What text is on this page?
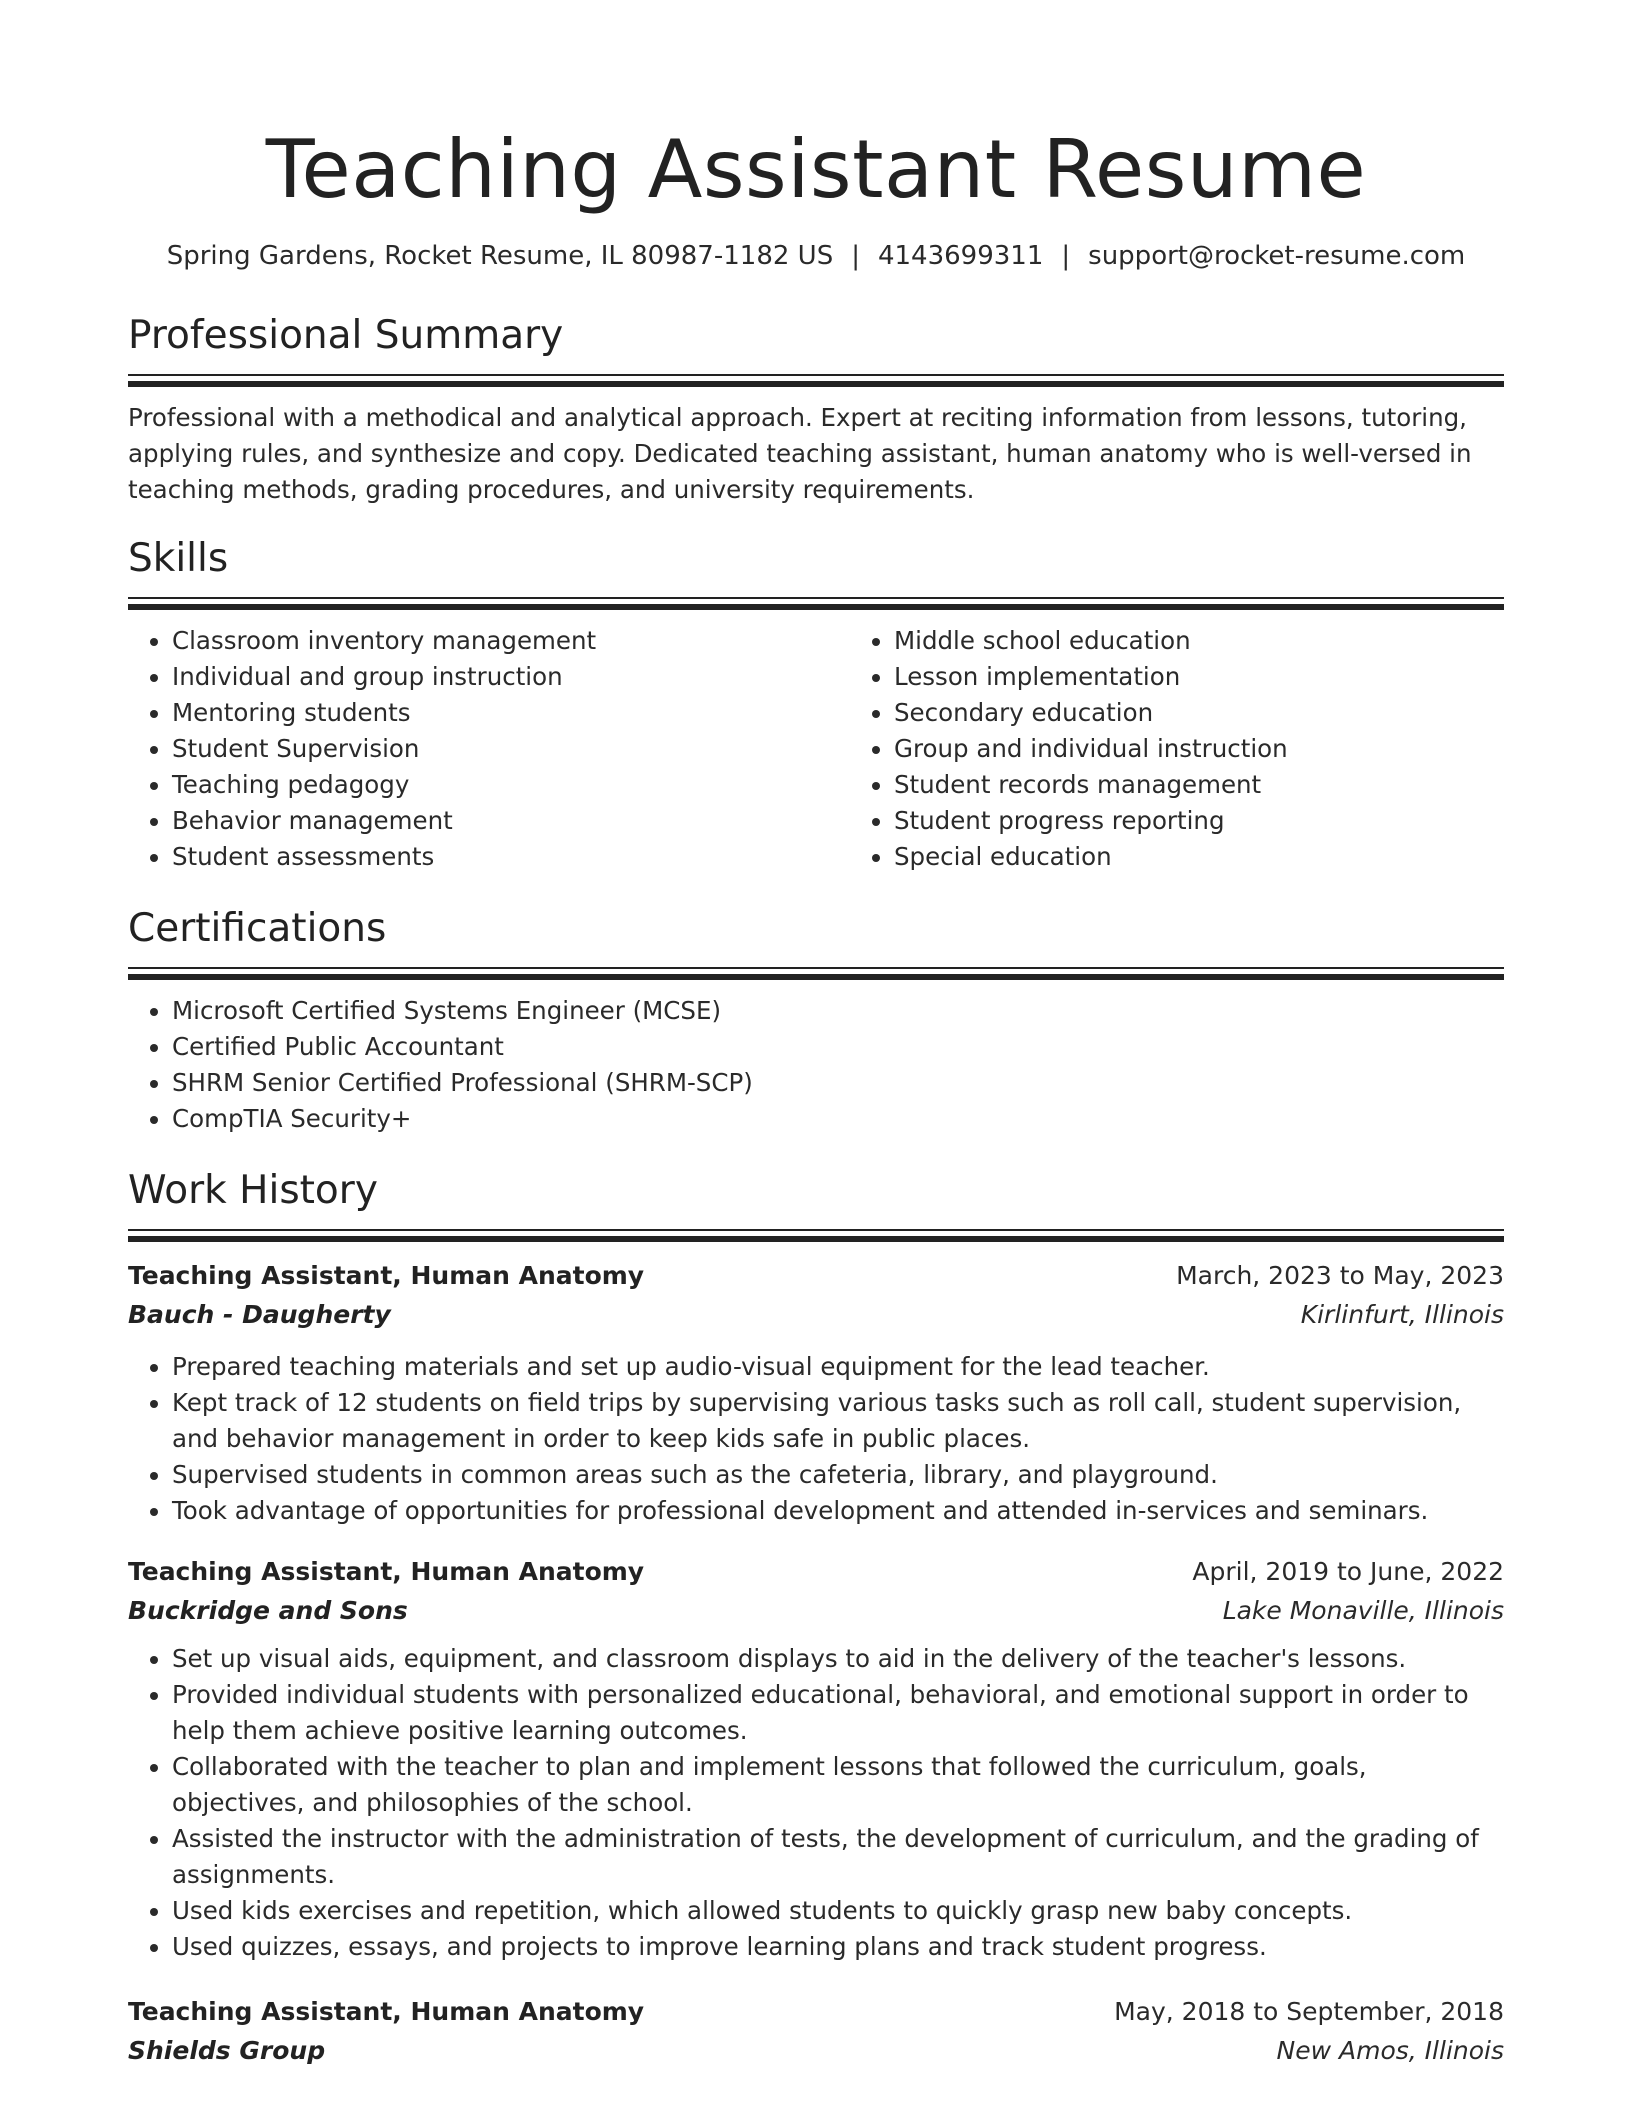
Teaching Assistant Resume
Spring Gardens, Rocket Resume, IL 80987-1182 US | 4143699311 | support@rocket-resume.com
Professional Summary

Professional with a methodical and analytical approach. Expert at reciting information from lessons, tutoring, applying rules, and synthesize and copy. Dedicated teaching assistant, human anatomy who is well-versed in teaching methods, grading procedures, and university requirements.

Skills
• Classroom inventory management
• Individual and group instruction
• Mentoring students
• Student Supervision
• Teaching pedagogy
• Behavior management
• Student assessments
• Middle school education
• Lesson implementation
• Secondary education
• Group and individual instruction
• Student records management
• Student progress reporting
• Special education
Certifications
• Microsoft Certified Systems Engineer (MCSE)
• Certified Public Accountant
• SHRM Senior Certified Professional (SHRM-SCP)
• CompTIA Security+
Work History
Teaching Assistant, Human Anatomy	March, 2023 to May, 2023
Bauch - Daugherty	Kirlinfurt, Illinois
• Prepared teaching materials and set up audio-visual equipment for the lead teacher.
• Kept track of 12 students on field trips by supervising various tasks such as roll call, student supervision, and behavior management in order to keep kids safe in public places.
• Supervised students in common areas such as the cafeteria, library, and playground.
• Took advantage of opportunities for professional development and attended in-services and seminars.
Teaching Assistant, Human Anatomy	April, 2019 to June, 2022
Buckridge and Sons	Lake Monaville, Illinois
• Set up visual aids, equipment, and classroom displays to aid in the delivery of the teacher's lessons.
• Provided individual students with personalized educational, behavioral, and emotional support in order to help them achieve positive learning outcomes.
• Collaborated with the teacher to plan and implement lessons that followed the curriculum, goals, objectives, and philosophies of the school.
• Assisted the instructor with the administration of tests, the development of curriculum, and the grading of assignments.
• Used kids exercises and repetition, which allowed students to quickly grasp new baby concepts.
• Used quizzes, essays, and projects to improve learning plans and track student progress.
Teaching Assistant, Human Anatomy	May, 2018 to September, 2018
Shields Group	New Amos, Illinois
